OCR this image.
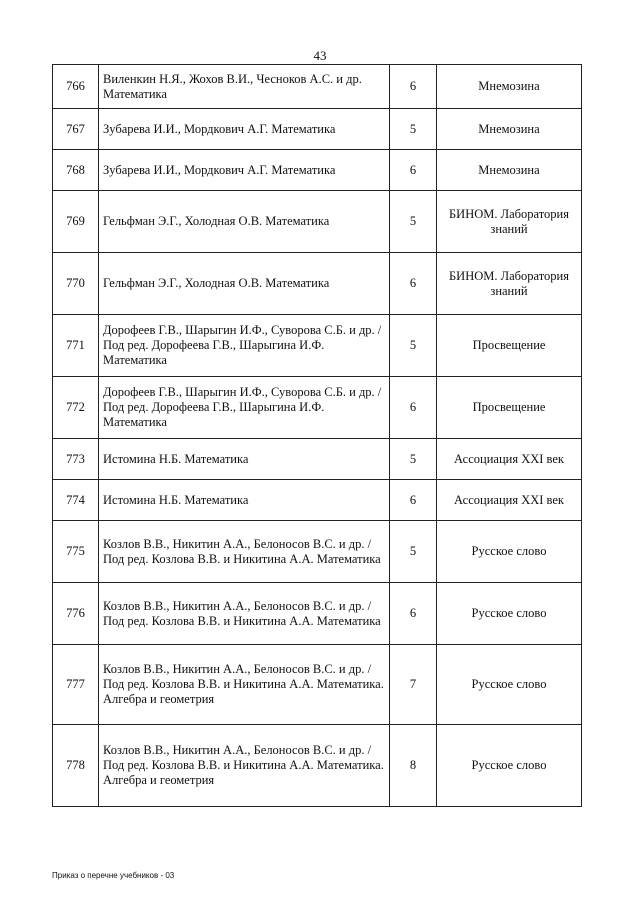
43
766	Виленкин Н.Я., Жохов В.И., Чесноков А.С. и др. Математика	6	Мнемозина
767	Зубарева И.И., Мордкович А.Г. Математика	5	Мнемозина
768	Зубарева И.И., Мордкович А.Г. Математика	6	Мнемозина
769	Гельфман Э.Г., Холодная О.В. Математика	5	БИНОМ. Лаборатория знаний
770	Гельфман Э.Г., Холодная О.В. Математика	6	БИНОМ. Лаборатория знаний
771	Дорофеев Г.В., Шарыгин И.Ф., Суворова С.Б. и др. / Под ред. Дорофеева Г.В., Шарыгина И.Ф. Математика	5	Просвещение
772	Дорофеев Г.В., Шарыгин И.Ф., Суворова С.Б. и др. / Под ред. Дорофеева Г.В., Шарыгина И.Ф. Математика	6	Просвещение
773	Истомина Н.Б. Математика	5	Ассоциация XXI век
774	Истомина Н.Б. Математика	6	Ассоциация XXI век
775	Козлов В.В., Никитин А.А., Белоносов В.С. и др. / Под ред. Козлова В.В. и Никитина А.А. Математика	5	Русское слово
776	Козлов В.В., Никитин А.А., Белоносов В.С. и др. / Под ред. Козлова В.В. и Никитина А.А. Математика	6	Русское слово
777	Козлов В.В., Никитин А.А., Белоносов В.С. и др. / Под ред. Козлова В.В. и Никитина А.А. Математика. Алгебра и геометрия	7	Русское слово
778	Козлов В.В., Никитин А.А., Белоносов В.С. и др. / Под ред. Козлова В.В. и Никитина А.А. Математика. Алгебра и геометрия	8	Русское слово
Приказ о перечне учебников - 03
